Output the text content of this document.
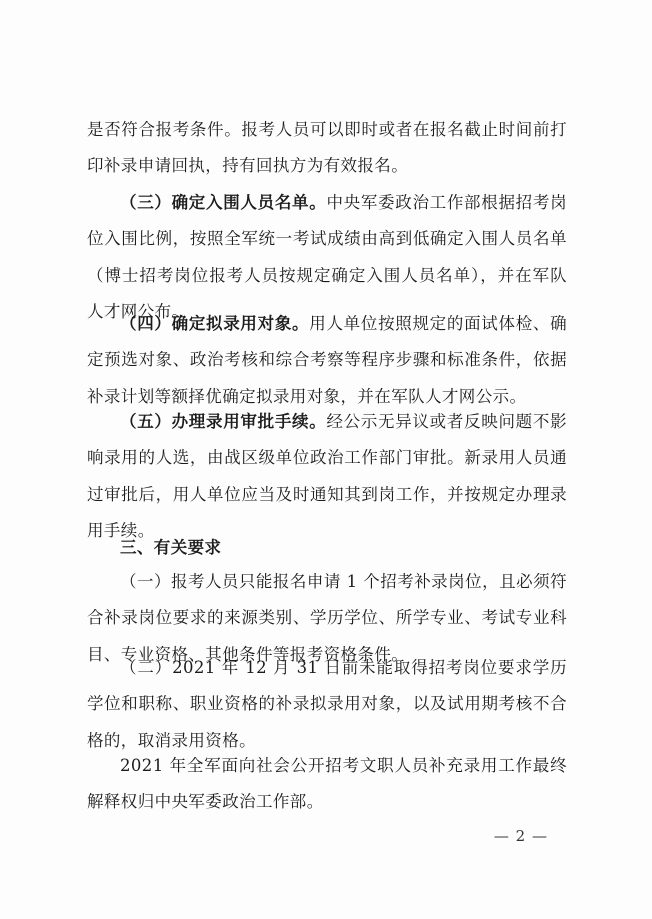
是否符合报考条件。报考人员可以即时或者在报名截止时间前打印补录申请回执，持有回执方为有效报名。

（三）确定入围人员名单。中央军委政治工作部根据招考岗位入围比例，按照全军统一考试成绩由高到低确定入围人员名单（博士招考岗位报考人员按规定确定入围人员名单），并在军队人才网公布。

（四）确定拟录用对象。用人单位按照规定的面试体检、确定预选对象、政治考核和综合考察等程序步骤和标准条件，依据补录计划等额择优确定拟录用对象，并在军队人才网公示。

（五）办理录用审批手续。经公示无异议或者反映问题不影响录用的人选，由战区级单位政治工作部门审批。新录用人员通过审批后，用人单位应当及时通知其到岗工作，并按规定办理录用手续。

三、有关要求

（一）报考人员只能报名申请 1 个招考补录岗位，且必须符合补录岗位要求的来源类别、学历学位、所学专业、考试专业科目、专业资格、其他条件等报考资格条件。

（二）2021 年 12 月 31 日前未能取得招考岗位要求学历学位和职称、职业资格的补录拟录用对象，以及试用期考核不合格的，取消录用资格。

2021 年全军面向社会公开招考文职人员补充录用工作最终解释权归中央军委政治工作部。

— 2 —
